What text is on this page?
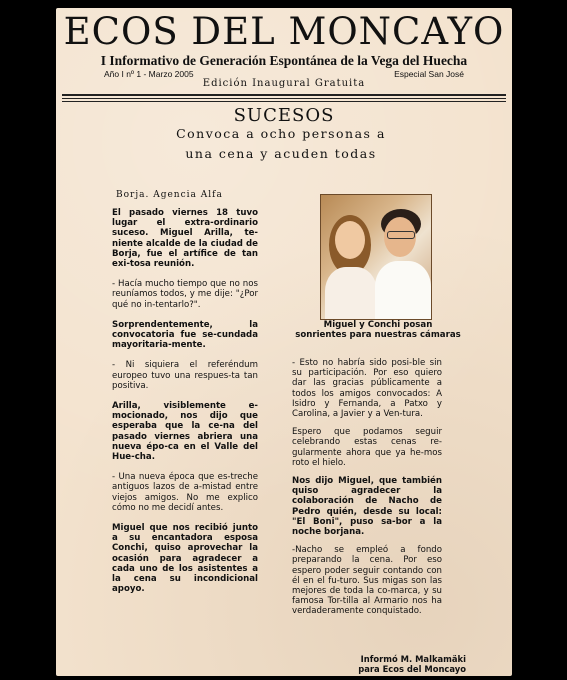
ECOS DEL MONCAYO
I Informativo de Generación Espontánea de la Vega del Huecha
Año I nº 1 - Marzo 2005	Especial San José
Edición Inaugural Gratuita
SUCESOS
Convoca a ocho personas a
una cena y acuden todas
Borja. Agencia Alfa

El pasado viernes 18 tuvo lugar el extra-ordinario suceso. Miguel Arilla, te-niente alcalde de la ciudad de Borja, fue el artífice de tan exi-tosa reunión.

- Hacía mucho tiempo que no nos reuníamos todos, y me dije: "¿Por qué no in-tentarlo?".

Sorprendentemente, la convocatoria fue se-cundada mayoritaria-mente.

- Ni siquiera el referéndum europeo tuvo una respues-ta tan positiva.

Arilla, visiblemente e-mocionado, nos dijo que esperaba que la ce-na del pasado viernes abriera una nueva épo-ca en el Valle del Hue-cha.

- Una nueva época que es-treche antiguos lazos de a-mistad entre viejos amigos. No me explico cómo no me decidí antes.

Miguel que nos recibió junto a su encantadora esposa Conchi, quiso aprovechar la ocasión para agradecer a cada uno de los asistentes a la cena su incondicional apoyo.

Miguel y Conchi posan
sonrientes para nuestras cámaras

- Esto no habría sido posi-ble sin su participación. Por eso quiero dar las gracias públicamente a todos los amigos convocados: A Isidro y Fernanda, a Patxo y Carolina, a Javier y a Ven-tura.

Espero que podamos seguir celebrando estas cenas re-gularmente ahora que ya he-mos roto el hielo.

Nos dijo Miguel, que también quiso agradecer la colaboración de Nacho de Pedro quién, desde su local: "El Boni", puso sa-bor a la noche borjana.

-Nacho se empleó a fondo preparando la cena. Por eso espero poder seguir contando con él en el fu-turo. Sus migas son las mejores de toda la co-marca, y su famosa Tor-tilla al Armario nos ha verdaderamente conquistado.

Informó M. Malkamäki
para Ecos del Moncayo
